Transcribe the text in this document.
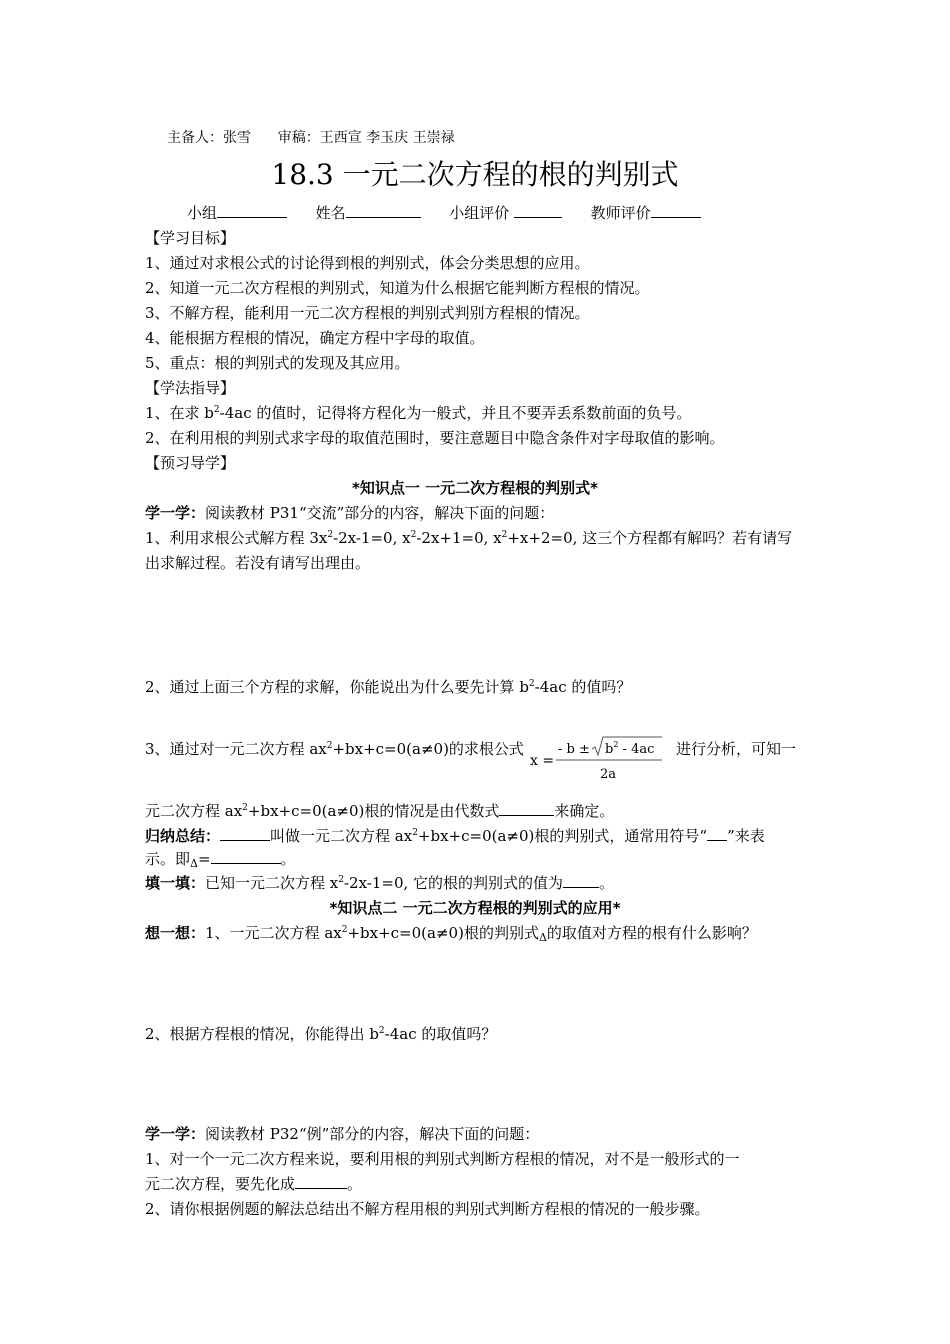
主备人：张雪 审稿：王西宣 李玉庆 王崇禄
18.3 一元二次方程的根的判别式
小组	姓名	小组评价	教师评价
【学习目标】
1、通过对求根公式的讨论得到根的判别式，体会分类思想的应用。
2、知道一元二次方程根的判别式，知道为什么根据它能判断方程根的情况。
3、不解方程，能利用一元二次方程根的判别式判别方程根的情况。
4、能根据方程根的情况，确定方程中字母的取值。
5、重点：根的判别式的发现及其应用。
【学法指导】
1、在求 $b^2-4ac$ 的值时，记得将方程化为一般式，并且不要弄丢系数前面的负号。
2、在利用根的判别式求字母的取值范围时，要注意题目中隐含条件对字母取值的影响。
【预习导学】
*知识点一 一元二次方程根的判别式*
学一学：阅读教材 P31“交流”部分的内容，解决下面的问题：
1、利用求根公式解方程 $3x^2-2x-1=0$, $x^2-2x+1=0$, $x^2+x+2=0$, 这三个方程都有解吗？若有请写
出求解过程。若没有请写出理由。
2、通过上面三个方程的求解，你能说出为什么要先计算 $b^2-4ac$ 的值吗？
3、通过对一元二次方程 $ax^2+bx+c=0(a\ne 0)$的求根公式
x =
- $b \pm b^2 - 4ac$
2a
进行分析，可知一
元二次方程 $ax^2+bx+c=0(a\ne 0)$根的情况是由代数式	来确定。
归纳总结：	叫做一元二次方程 $ax^2+bx+c=0(a\ne 0)$根的判别式，通常用符号“ ”来表
示。即$_\Delta$=	。
填一填：已知一元二次方程 $x^2-2x-1=0$, 它的根的判别式的值为 。
*知识点二 一元二次方程根的判别式的应用*
想一想：1、一元二次方程 $ax^2+bx+c=0(a\ne 0)$根的判别式$_\Delta$的取值对方程的根有什么影响？
2、根据方程根的情况，你能得出 $b^2-4ac$ 的取值吗？
学一学：阅读教材 P32“例”部分的内容，解决下面的问题：
1、对一个一元二次方程来说，要利用根的判别式判断方程根的情况，对不是一般形式的一
元二次方程，要先化成	。
2、请你根据例题的解法总结出不解方程用根的判别式判断方程根的情况的一般步骤。
